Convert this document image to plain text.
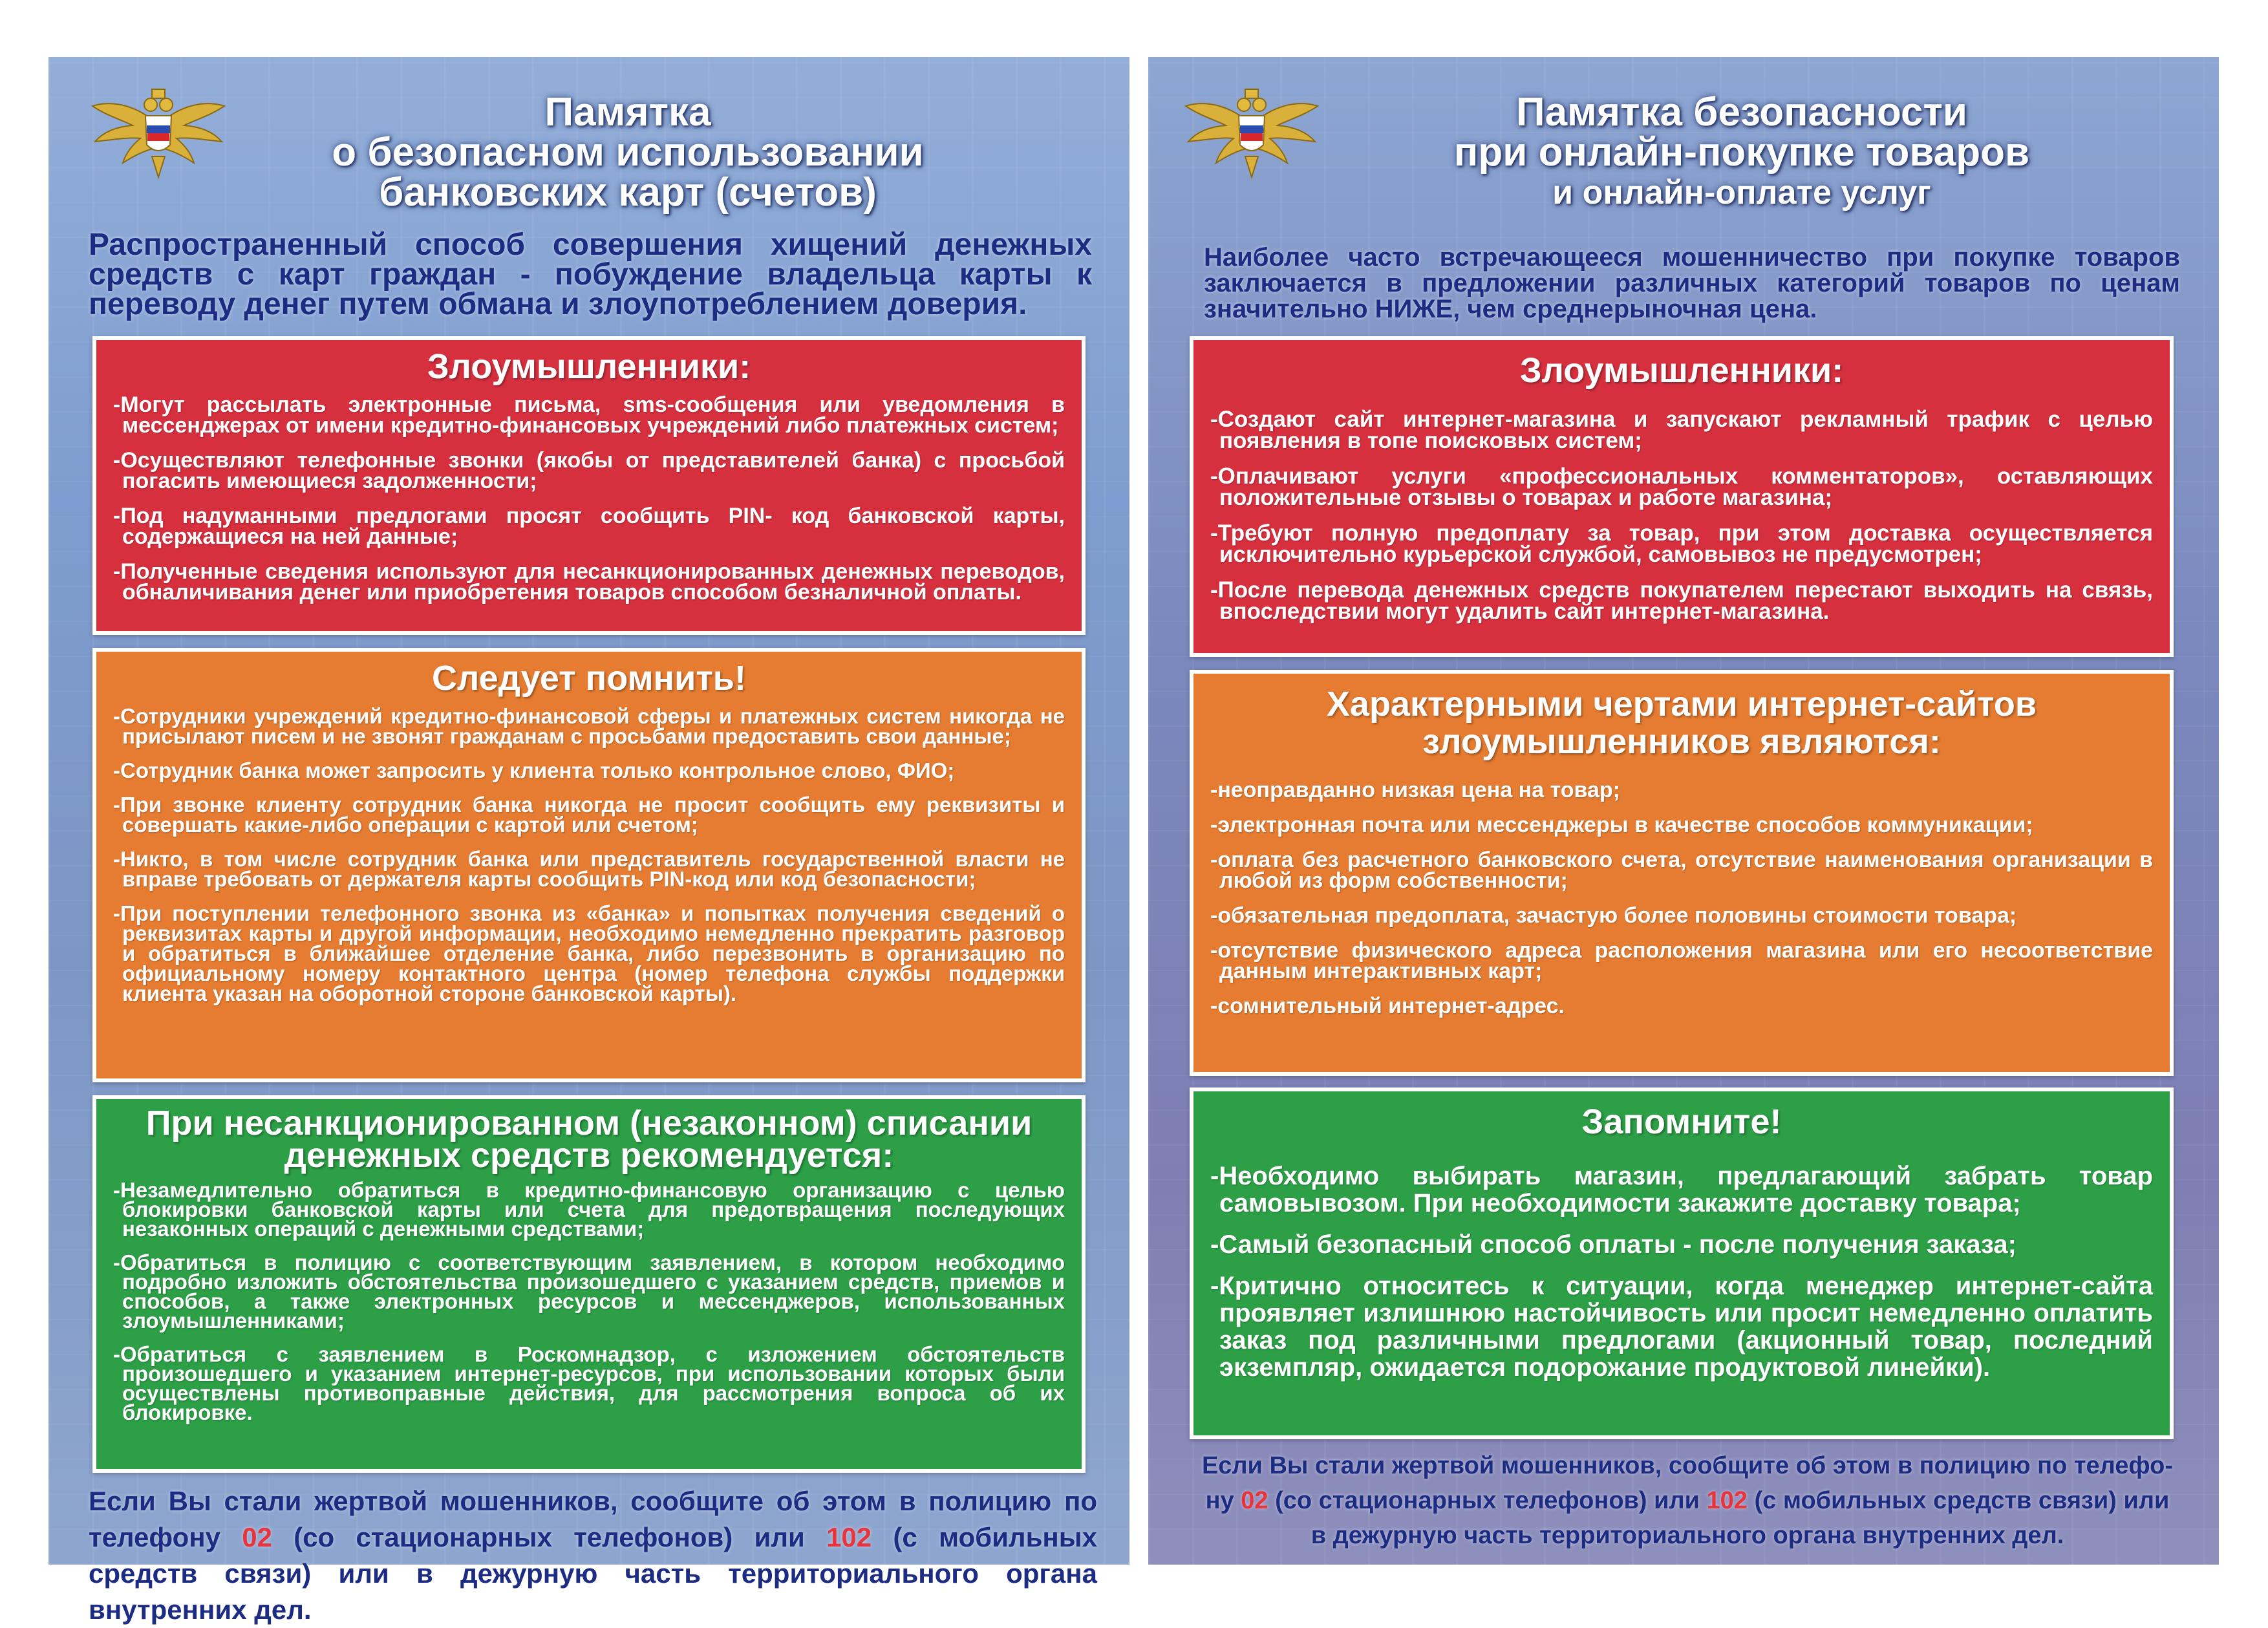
Памятка
о безопасном использовании
банковских карт (счетов)
Распространенный способ совершения хищений денежных средств с карт граждан - побуждение владельца карты к переводу денег путем обмана и злоупотреблением доверия.
Злоумышленники:
-Могут рассылать электронные письма, sms-сообщения или уведомления в мессенджерах от имени кредитно-финансовых учреждений либо платежных систем;
-Осуществляют телефонные звонки (якобы от представителей банка) с просьбой погасить имеющиеся задолженности;
-Под надуманными предлогами просят сообщить PIN- код банковской карты, содержащиеся на ней данные;
-Полученные сведения используют для несанкционированных денежных переводов, обналичивания денег или приобретения товаров способом безналичной оплаты.
Следует помнить!
-Сотрудники учреждений кредитно-финансовой сферы и платежных систем никогда не присылают писем и не звонят гражданам с просьбами предоставить свои данные;
-Сотрудник банка может запросить у клиента только контрольное слово, ФИО;
-При звонке клиенту сотрудник банка никогда не просит сообщить ему реквизиты и совершать какие-либо операции с картой или счетом;
-Никто, в том числе сотрудник банка или представитель государственной власти не вправе требовать от держателя карты сообщить PIN-код или код безопасности;
-При поступлении телефонного звонка из «банка» и попытках получения сведений о реквизитах карты и другой информации, необходимо немедленно прекратить разговор и обратиться в ближайшее отделение банка, либо перезвонить в организацию по официальному номеру контактного центра (номер телефона службы поддержки клиента указан на оборотной стороне банковской карты).
При несанкционированном (незаконном) списании
денежных средств рекомендуется:
-Незамедлительно обратиться в кредитно-финансовую организацию с целью блокировки банковской карты или счета для предотвращения последующих незаконных операций с денежными средствами;
-Обратиться в полицию с соответствующим заявлением, в котором необходимо подробно изложить обстоятельства произошедшего с указанием средств, приемов и способов, а также электронных ресурсов и мессенджеров, использованных злоумышленниками;
-Обратиться с заявлением в Роскомнадзор, с изложением обстоятельств произошедшего и указанием интернет-ресурсов, при использовании которых были осуществлены противоправные действия, для рассмотрения вопроса об их блокировке.
Если Вы стали жертвой мошенников, сообщите об этом в полицию по телефону 02 (со стационарных телефонов) или 102 (с мобильных средств связи) или в дежурную часть территориального органа внутренних дел.
Памятка безопасности
при онлайн-покупке товаров
и онлайн-оплате услуг
Наиболее часто встречающееся мошенничество при покупке товаров заключается в предложении различных категорий товаров по ценам значительно НИЖЕ, чем среднерыночная цена.
Злоумышленники:
-Создают сайт интернет-магазина и запускают рекламный трафик с целью появления в топе поисковых систем;
-Оплачивают услуги «профессиональных комментаторов», оставляющих положительные отзывы о товарах и работе магазина;
-Требуют полную предоплату за товар, при этом доставка осуществляется исключительно курьерской службой, самовывоз не предусмотрен;
-После перевода денежных средств покупателем перестают выходить на связь, впоследствии могут удалить сайт интернет-магазина.
Характерными чертами интернет-сайтов
злоумышленников являются:
-неоправданно низкая цена на товар;
-электронная почта или мессенджеры в качестве способов коммуникации;
-оплата без расчетного банковского счета, отсутствие наименования организации в любой из форм собственности;
-обязательная предоплата, зачастую более половины стоимости товара;
-отсутствие физического адреса расположения магазина или его несоответствие данным интерактивных карт;
-сомнительный интернет-адрес.
Запомните!
-Необходимо выбирать магазин, предлагающий забрать товар самовывозом. При необходимости закажите доставку товара;
-Самый безопасный способ оплаты - после получения заказа;
-Критично относитесь к ситуации, когда менеджер интернет-сайта проявляет излишнюю настойчивость или просит немедленно оплатить заказ под различными предлогами (акционный товар, последний экземпляр, ожидается подорожание продуктовой линейки).
Если Вы стали жертвой мошенников, сообщите об этом в полицию по телефо-ну 02 (со стационарных телефонов) или 102 (с мобильных средств связи) или в дежурную часть территориального органа внутренних дел.
